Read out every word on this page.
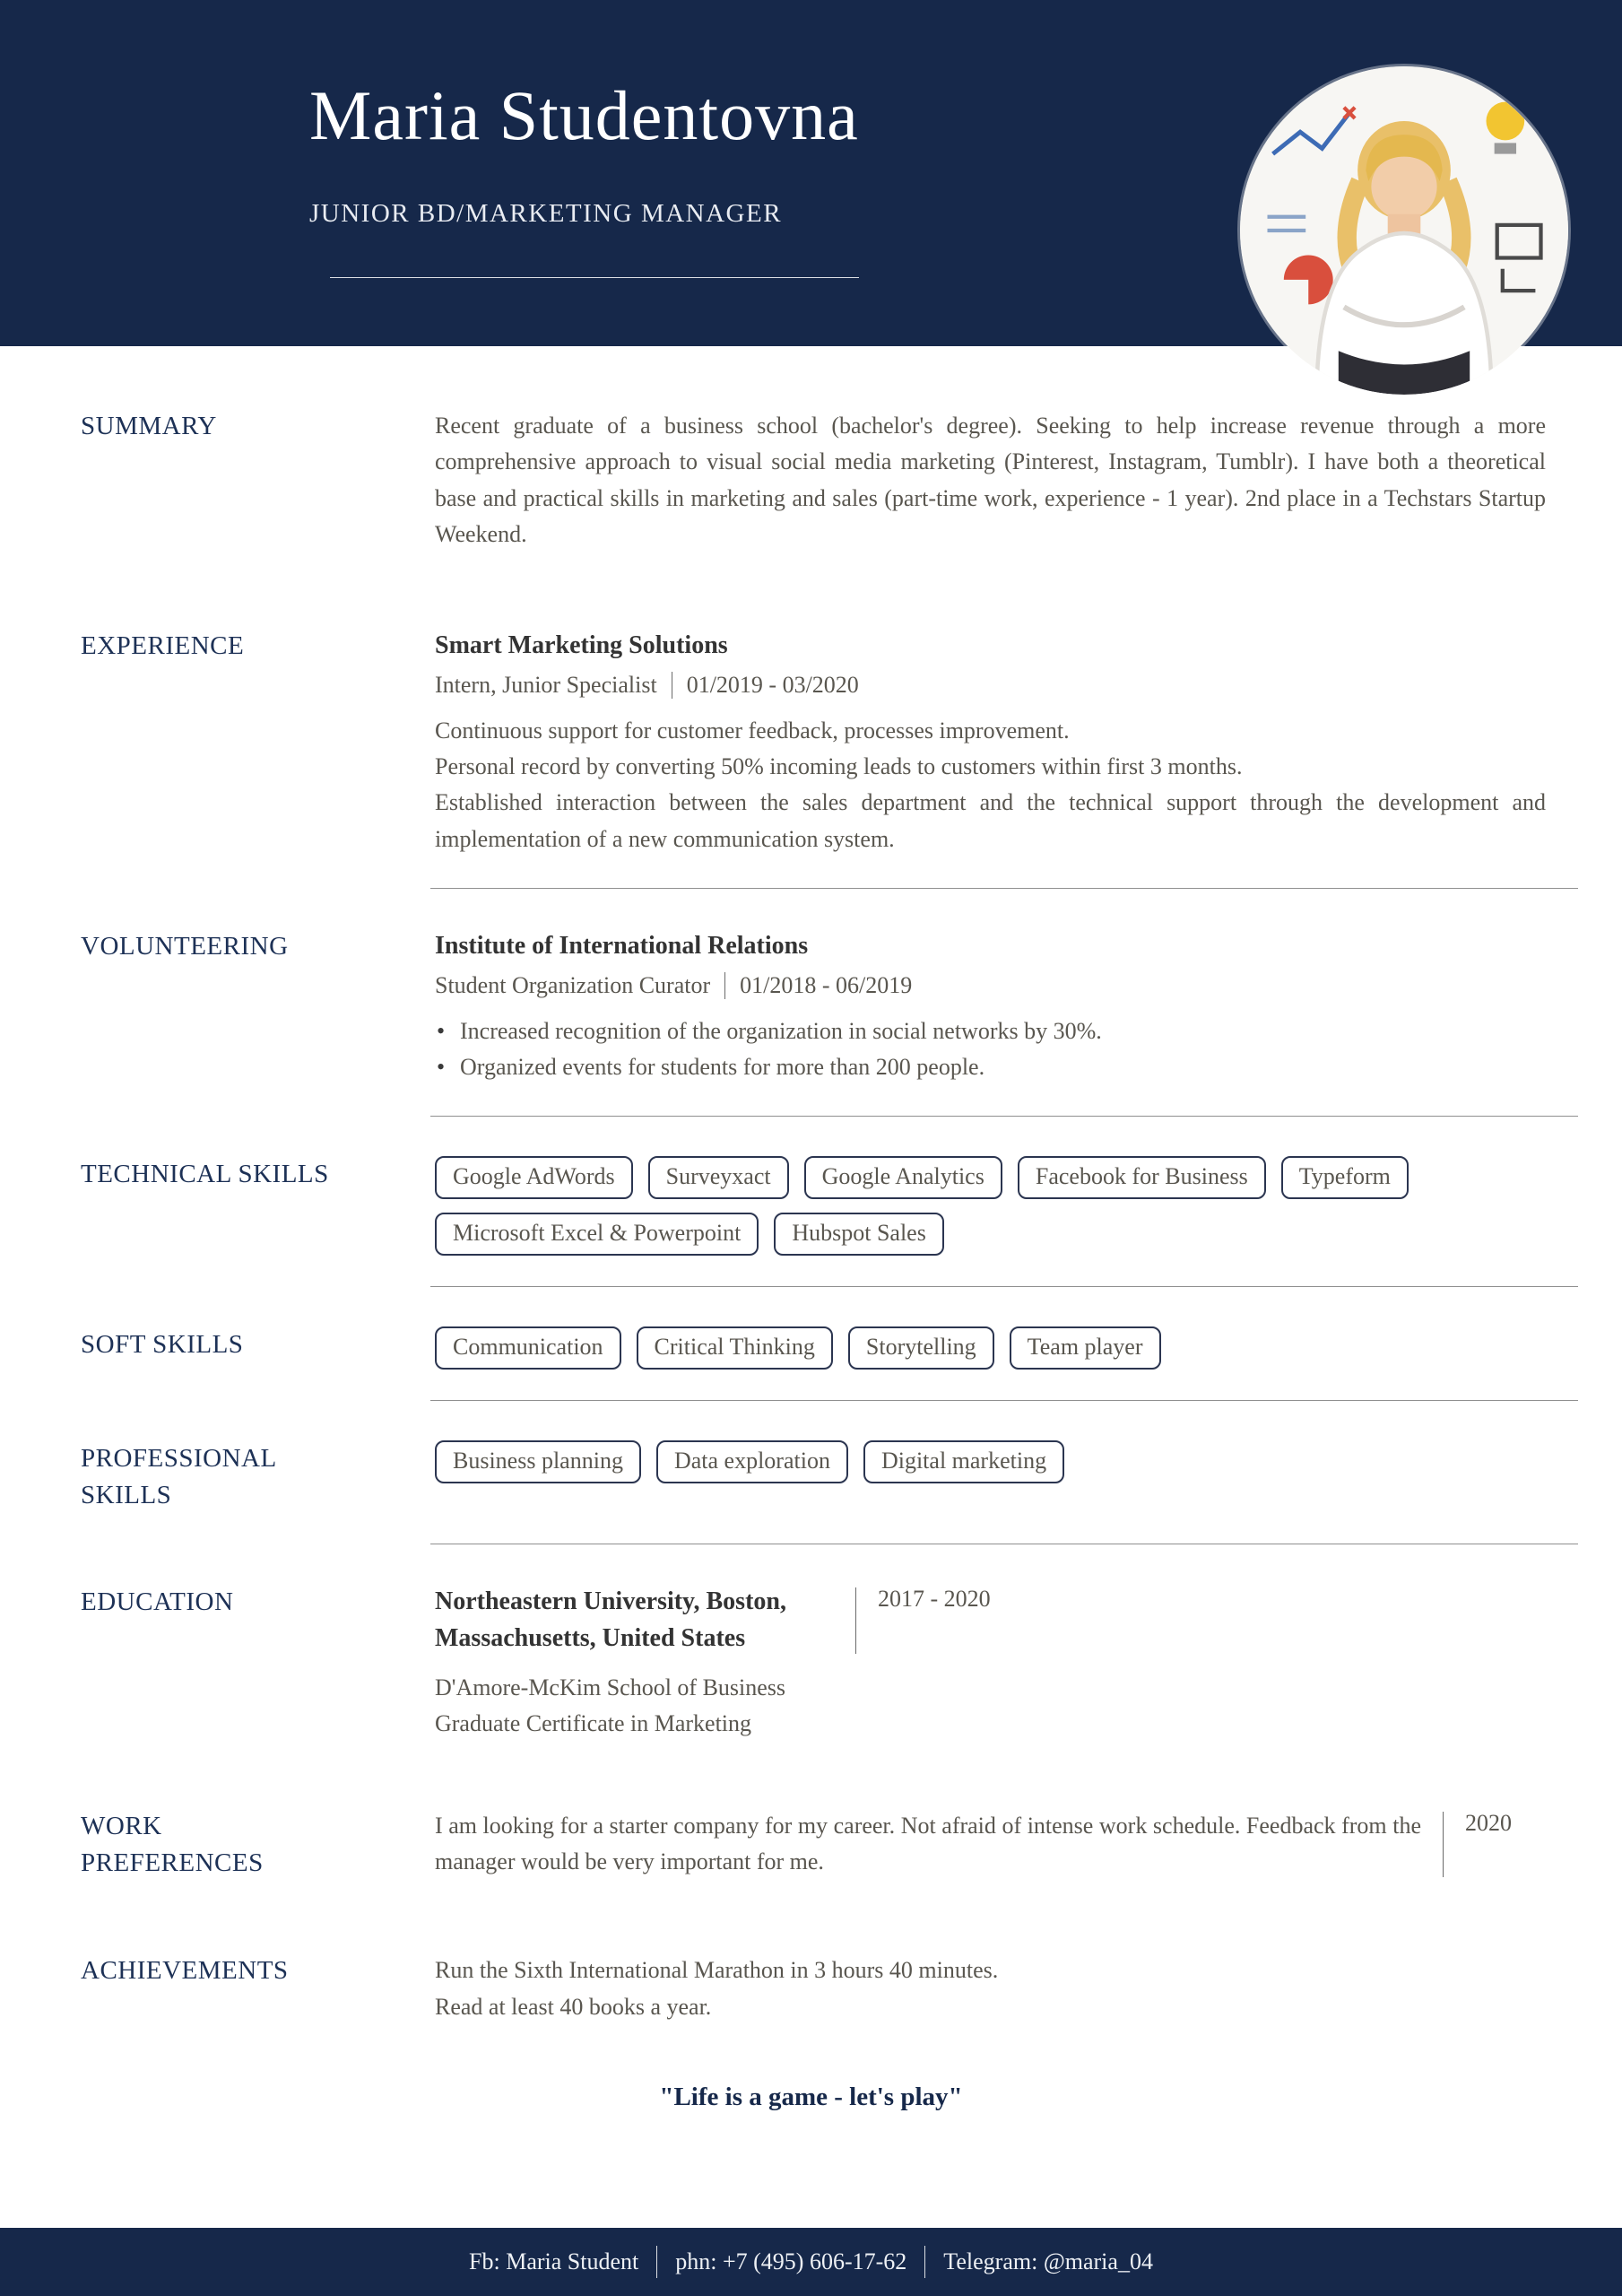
Maria Studentovna
JUNIOR BD/MARKETING MANAGER
SUMMARY	Recent graduate of a business school (bachelor's degree). Seeking to help increase revenue through a more comprehensive approach to visual social media marketing (Pinterest, Instagram, Tumblr). I have both a theoretical base and practical skills in marketing and sales (part-time work, experience - 1 year). 2nd place in a Techstars Startup Weekend.

EXPERIENCE	Smart Marketing Solutions
Intern, Junior Specialist 01/2019 - 03/2020

Continuous support for customer feedback, processes improvement.

Personal record by converting 50% incoming leads to customers within first 3 months.

Established interaction between the sales department and the technical support through the development and implementation of a new communication system.

VOLUNTEERING	Institute of International Relations
Student Organization Curator 01/2018 - 06/2019
• Increased recognition of the organization in social networks by 30%.
• Organized events for students for more than 200 people.
TECHNICAL SKILLS	Google AdWords	Surveyxact	Google Analytics	Facebook for Business	Typeform
Microsoft Excel & Powerpoint	Hubspot Sales
SOFT SKILLS	Communication	Critical Thinking	Storytelling	Team player
PROFESSIONAL SKILLS
Business planning	Data exploration	Digital marketing
EDUCATION	Northeastern University, Boston, Massachusetts, United States
2017 - 2020

D'Amore-McKim School of Business

Graduate Certificate in Marketing

WORK PREFERENCES

I am looking for a starter company for my career. Not afraid of intense work schedule. Feedback from the manager would be very important for me.

2020
ACHIEVEMENTS	Run the Sixth International Marathon in 3 hours 40 minutes.

Read at least 40 books a year.

"Life is a game - let's play"
Fb: Maria Student phn: +7 (495) 606-17-62 Telegram: @maria_04
